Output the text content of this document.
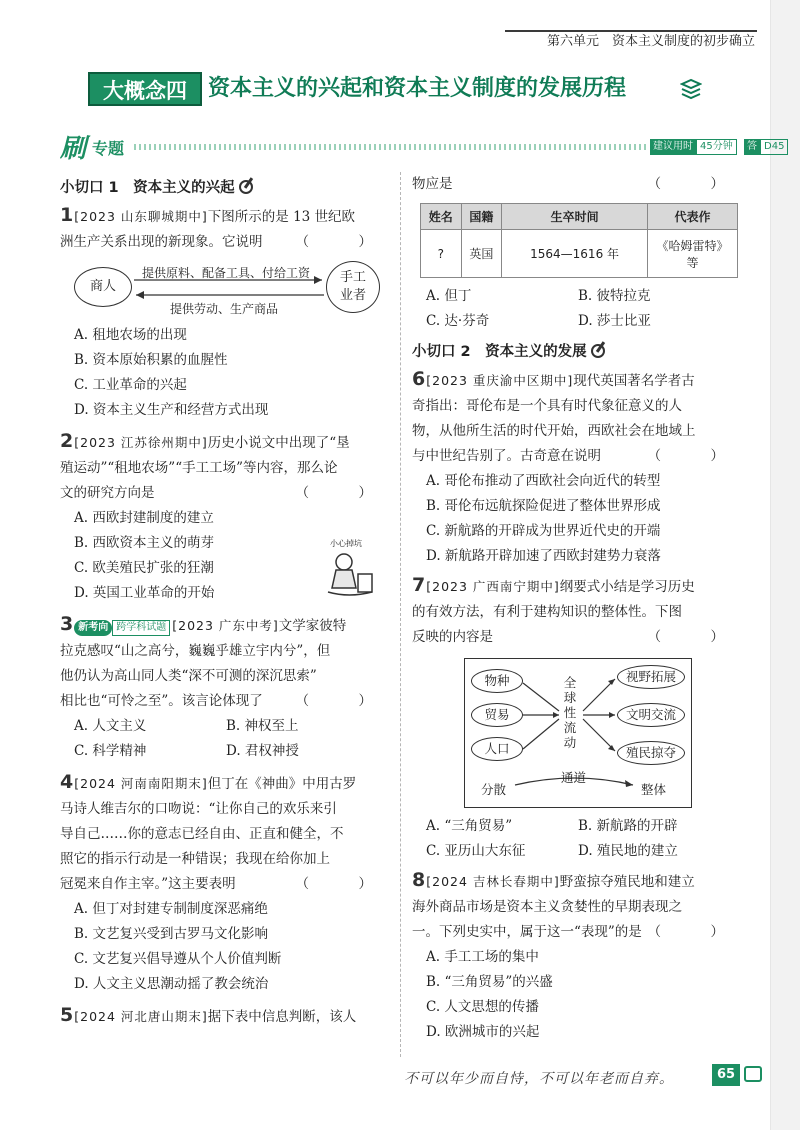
第六单元　资本主义制度的初步确立
大概念四 资本主义的兴起和资本主义制度的发展历程
刷 专题	建议用时 45分钟	答案
D45
小切口 1　资本主义的兴起
1[2023 山东聊城期中]下图所示的是 13 世纪欧
洲生产关系出现的新现象。它说明 （　）
商人
手工
业者
提供原料、配备工具、付给工资
提供劳动、生产商品
A. 租地农场的出现
B. 资本原始积累的血腥性
C. 工业革命的兴起
D. 资本主义生产和经营方式出现
2[2023 江苏徐州期中]历史小说文中出现了“垦
殖运动”“租地农场”“手工工场”等内容，那么论
文的研究方向是	（　）
A. 西欧封建制度的建立
B. 西欧资本主义的萌芽
C. 欧美殖民扩张的狂潮
D. 英国工业革命的开始
3 新考向 跨学科试题 [2023 广东中考]文学家彼特
拉克感叹“山之高兮，巍巍乎雄立宇内兮”，但
他仍认为高山同人类“深不可测的深沉思索”
相比也“可怜之至”。该言论体现了 （　）
A. 人文主义	B. 神权至上
C. 科学精神	D. 君权神授
4[2024 河南南阳期末]但丁在《神曲》中用古罗
马诗人维吉尔的口吻说：“让你自己的欢乐来引
导自己……你的意志已经自由、正直和健全，不
照它的指示行动是一种错误；我现在给你加上
冠冕来自作主宰。”这主要表明	（　）
A. 但丁对封建专制制度深恶痛绝
B. 文艺复兴受到古罗马文化影响
C. 文艺复兴倡导遵从个人价值判断
D. 人文主义思潮动摇了教会统治
5[2024 河北唐山期末]据下表中信息判断，该人
小心掉坑
物应是	（　）
姓名	国籍	生卒时间	代表作
?	英国	1564—1616 年	《哈姆雷特》等
A. 但丁	B. 彼特拉克
C. 达·芬奇	D. 莎士比亚
小切口 2　资本主义的发展
6[2023 重庆渝中区期中]现代英国著名学者古
奇指出：哥伦布是一个具有时代象征意义的人
物，从他所生活的时代开始，西欧社会在地域上
与中世纪告别了。古奇意在说明	（　）
A. 哥伦布推动了西欧社会向近代的转型
B. 哥伦布远航探险促进了整体世界形成
C. 新航路的开辟成为世界近代史的开端
D. 新航路开辟加速了西欧封建势力衰落
7[2023 广西南宁期中]纲要式小结是学习历史
的有效方法，有利于建构知识的整体性。下图
反映的内容是	（　）
物种
贸易
人口
全球性流动
视野拓展
文明交流
殖民掠夺
分散
通道
整体
A. “三角贸易”	B. 新航路的开辟
C. 亚历山大东征	D. 殖民地的建立
8[2024 吉林长春期中]野蛮掠夺殖民地和建立
海外商品市场是资本主义贪婪性的早期表现之
一。下列史实中，属于这一“表现”的是 （　）
A. 手工工场的集中
B. “三角贸易”的兴盛
C. 人文思想的传播
D. 欧洲城市的兴起
不可以年少而自恃，不可以年老而自弃。	65
